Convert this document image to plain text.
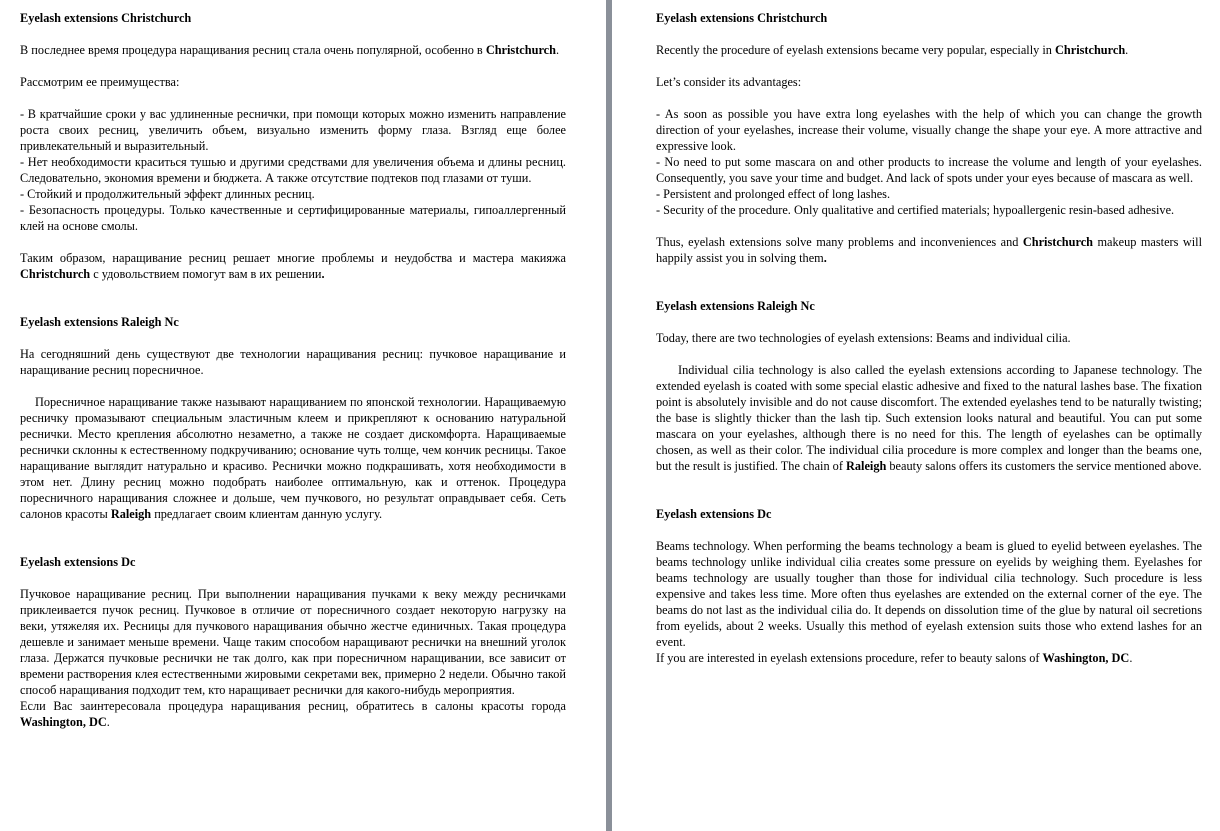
Eyelash extensions Christchurch

В последнее время процедура наращивания ресниц стала очень популярной, особенно в Christchurch.

Рассмотрим ее преимущества:

- В кратчайшие сроки у вас удлиненные реснички, при помощи которых можно изменить направление роста своих ресниц, увеличить объем, визуально изменить форму глаза. Взгляд еще более привлекательный и выразительный.

- Нет необходимости краситься тушью и другими средствами для увеличения объема и длины ресниц. Следовательно, экономия времени и бюджета. А также отсутствие подтеков под глазами от туши.

- Стойкий и продолжительный эффект длинных ресниц.

- Безопасность процедуры. Только качественные и сертифицированные материалы, гипоаллергенный клей на основе смолы.

Таким образом, наращивание ресниц решает многие проблемы и неудобства и мастера макияжа Christchurch с удовольствием помогут вам в их решении.

Eyelash extensions Raleigh Nc

На сегодняшний день существуют две технологии наращивания ресниц: пучковое наращивание и наращивание ресниц поресничное.

Поресничное наращивание также называют наращиванием по японской технологии. Наращиваемую ресничку промазывают специальным эластичным клеем и прикрепляют к основанию натуральной реснички. Место крепления абсолютно незаметно, а также не создает дискомфорта. Наращиваемые реснички склонны к естественному подкручиванию; основание чуть толще, чем кончик ресницы. Такое наращивание выглядит натурально и красиво. Реснички можно подкрашивать, хотя необходимости в этом нет. Длину ресниц можно подобрать наиболее оптимальную, как и оттенок. Процедура поресничного наращивания сложнее и дольше, чем пучкового, но результат оправдывает себя. Сеть салонов красоты Raleigh предлагает своим клиентам данную услугу.

Eyelash extensions Dc

Пучковое наращивание ресниц. При выполнении наращивания пучками к веку между ресничками приклеивается пучок ресниц. Пучковое в отличие от поресничного создает некоторую нагрузку на веки, утяжеляя их. Ресницы для пучкового наращивания обычно жестче единичных. Такая процедура дешевле и занимает меньше времени. Чаще таким способом наращивают реснички на внешний уголок глаза. Держатся пучковые реснички не так долго, как при поресничном наращивании, все зависит от времени растворения клея естественными жировыми секретами век, примерно 2 недели. Обычно такой способ наращивания подходит тем, кто наращивает реснички для какого-нибудь мероприятия.

Если Вас заинтересовала процедура наращивания ресниц, обратитесь в салоны красоты города Washington, DC.

Eyelash extensions Christchurch

Recently the procedure of eyelash extensions became very popular, especially in Christchurch.

Let’s consider its advantages:

- As soon as possible you have extra long eyelashes with the help of which you can change the growth direction of your eyelashes, increase their volume, visually change the shape your eye. A more attractive and expressive look.

- No need to put some mascara on and other products to increase the volume and length of your eyelashes. Consequently, you save your time and budget. And lack of spots under your eyes because of mascara as well.

- Persistent and prolonged effect of long lashes.

- Security of the procedure. Only qualitative and certified materials; hypoallergenic resin-based adhesive.

Thus, eyelash extensions solve many problems and inconveniences and Christchurch makeup masters will happily assist you in solving them.

Eyelash extensions Raleigh Nc

Today, there are two technologies of eyelash extensions: Beams and individual cilia.

Individual cilia technology is also called the eyelash extensions according to Japanese technology. The extended eyelash is coated with some special elastic adhesive and fixed to the natural lashes base. The fixation point is absolutely invisible and do not cause discomfort. The extended eyelashes tend to be naturally twisting; the base is slightly thicker than the lash tip. Such extension looks natural and beautiful. You can put some mascara on your eyelashes, although there is no need for this. The length of eyelashes can be optimally chosen, as well as their color. The individual cilia procedure is more complex and longer than the beams one, but the result is justified. The chain of Raleigh beauty salons offers its customers the service mentioned above.

Eyelash extensions Dc

Beams technology. When performing the beams technology a beam is glued to eyelid between eyelashes. The beams technology unlike individual cilia creates some pressure on eyelids by weighing them. Eyelashes for beams technology are usually tougher than those for individual cilia technology. Such procedure is less expensive and takes less time. More often thus eyelashes are extended on the external corner of the eye. The beams do not last as the individual cilia do. It depends on dissolution time of the glue by natural oil secretions from eyelids, about 2 weeks. Usually this method of eyelash extension suits those who extend lashes for an event.

If you are interested in eyelash extensions procedure, refer to beauty salons of Washington, DC.
